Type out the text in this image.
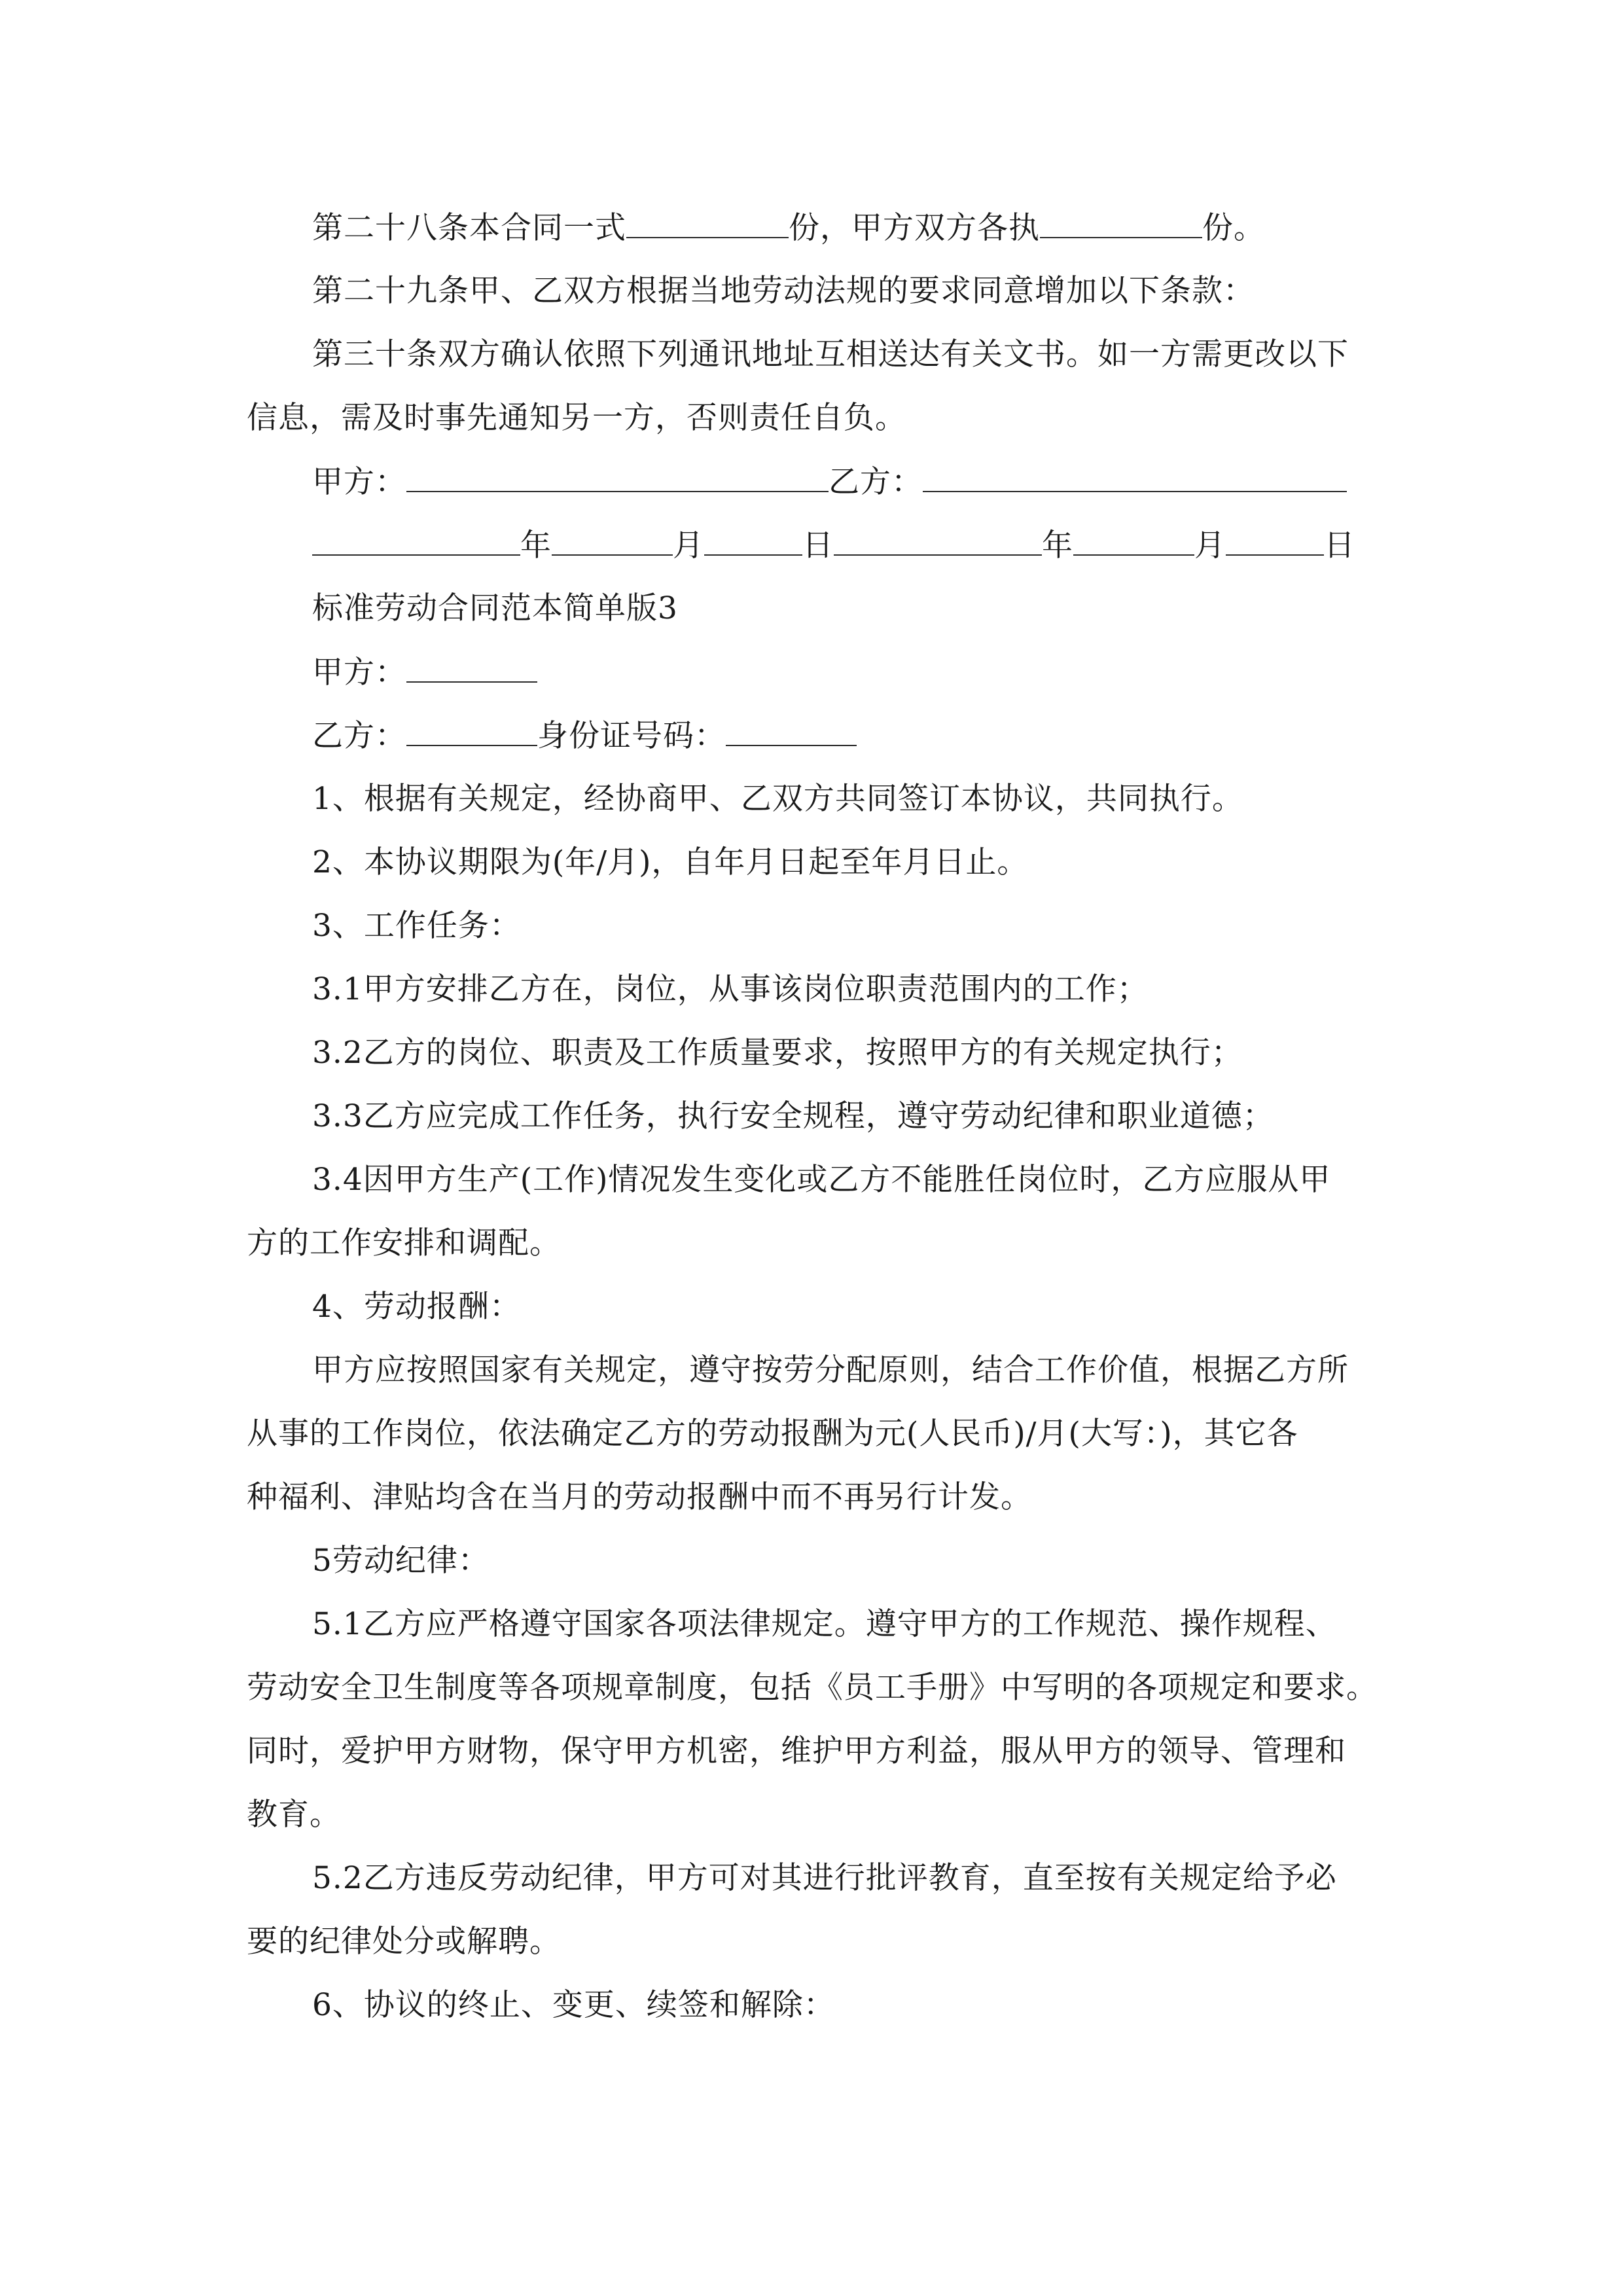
第二十八条本合同一式	份，甲方双方各执	份。
第二十九条甲、乙双方根据当地劳动法规的要求同意增加以下条款：
第三十条双方确认依照下列通讯地址互相送达有关文书。如一方需更改以下
信息，需及时事先通知另一方，否则责任自负。
甲方：	乙方：
年	月	日	年	月	日
标准劳动合同范本简单版3
甲方：
乙方：	身份证号码：
1、根据有关规定，经协商甲、乙双方共同签订本协议，共同执行。
2、本协议期限为(年/月)，自年月日起至年月日止。
3、工作任务：
3.1甲方安排乙方在，岗位，从事该岗位职责范围内的工作；
3.2乙方的岗位、职责及工作质量要求，按照甲方的有关规定执行；
3.3乙方应完成工作任务，执行安全规程，遵守劳动纪律和职业道德；
3.4因甲方生产(工作)情况发生变化或乙方不能胜任岗位时，乙方应服从甲
方的工作安排和调配。
4、劳动报酬：
甲方应按照国家有关规定，遵守按劳分配原则，结合工作价值，根据乙方所
从事的工作岗位，依法确定乙方的劳动报酬为元(人民币)/月(大写：)，其它各
种福利、津贴均含在当月的劳动报酬中而不再另行计发。
5劳动纪律：
5.1乙方应严格遵守国家各项法律规定。遵守甲方的工作规范、操作规程、
劳动安全卫生制度等各项规章制度，包括《员工手册》中写明的各项规定和要求。
同时，爱护甲方财物，保守甲方机密，维护甲方利益，服从甲方的领导、管理和
教育。
5.2乙方违反劳动纪律，甲方可对其进行批评教育，直至按有关规定给予必
要的纪律处分或解聘。
6、协议的终止、变更、续签和解除：
